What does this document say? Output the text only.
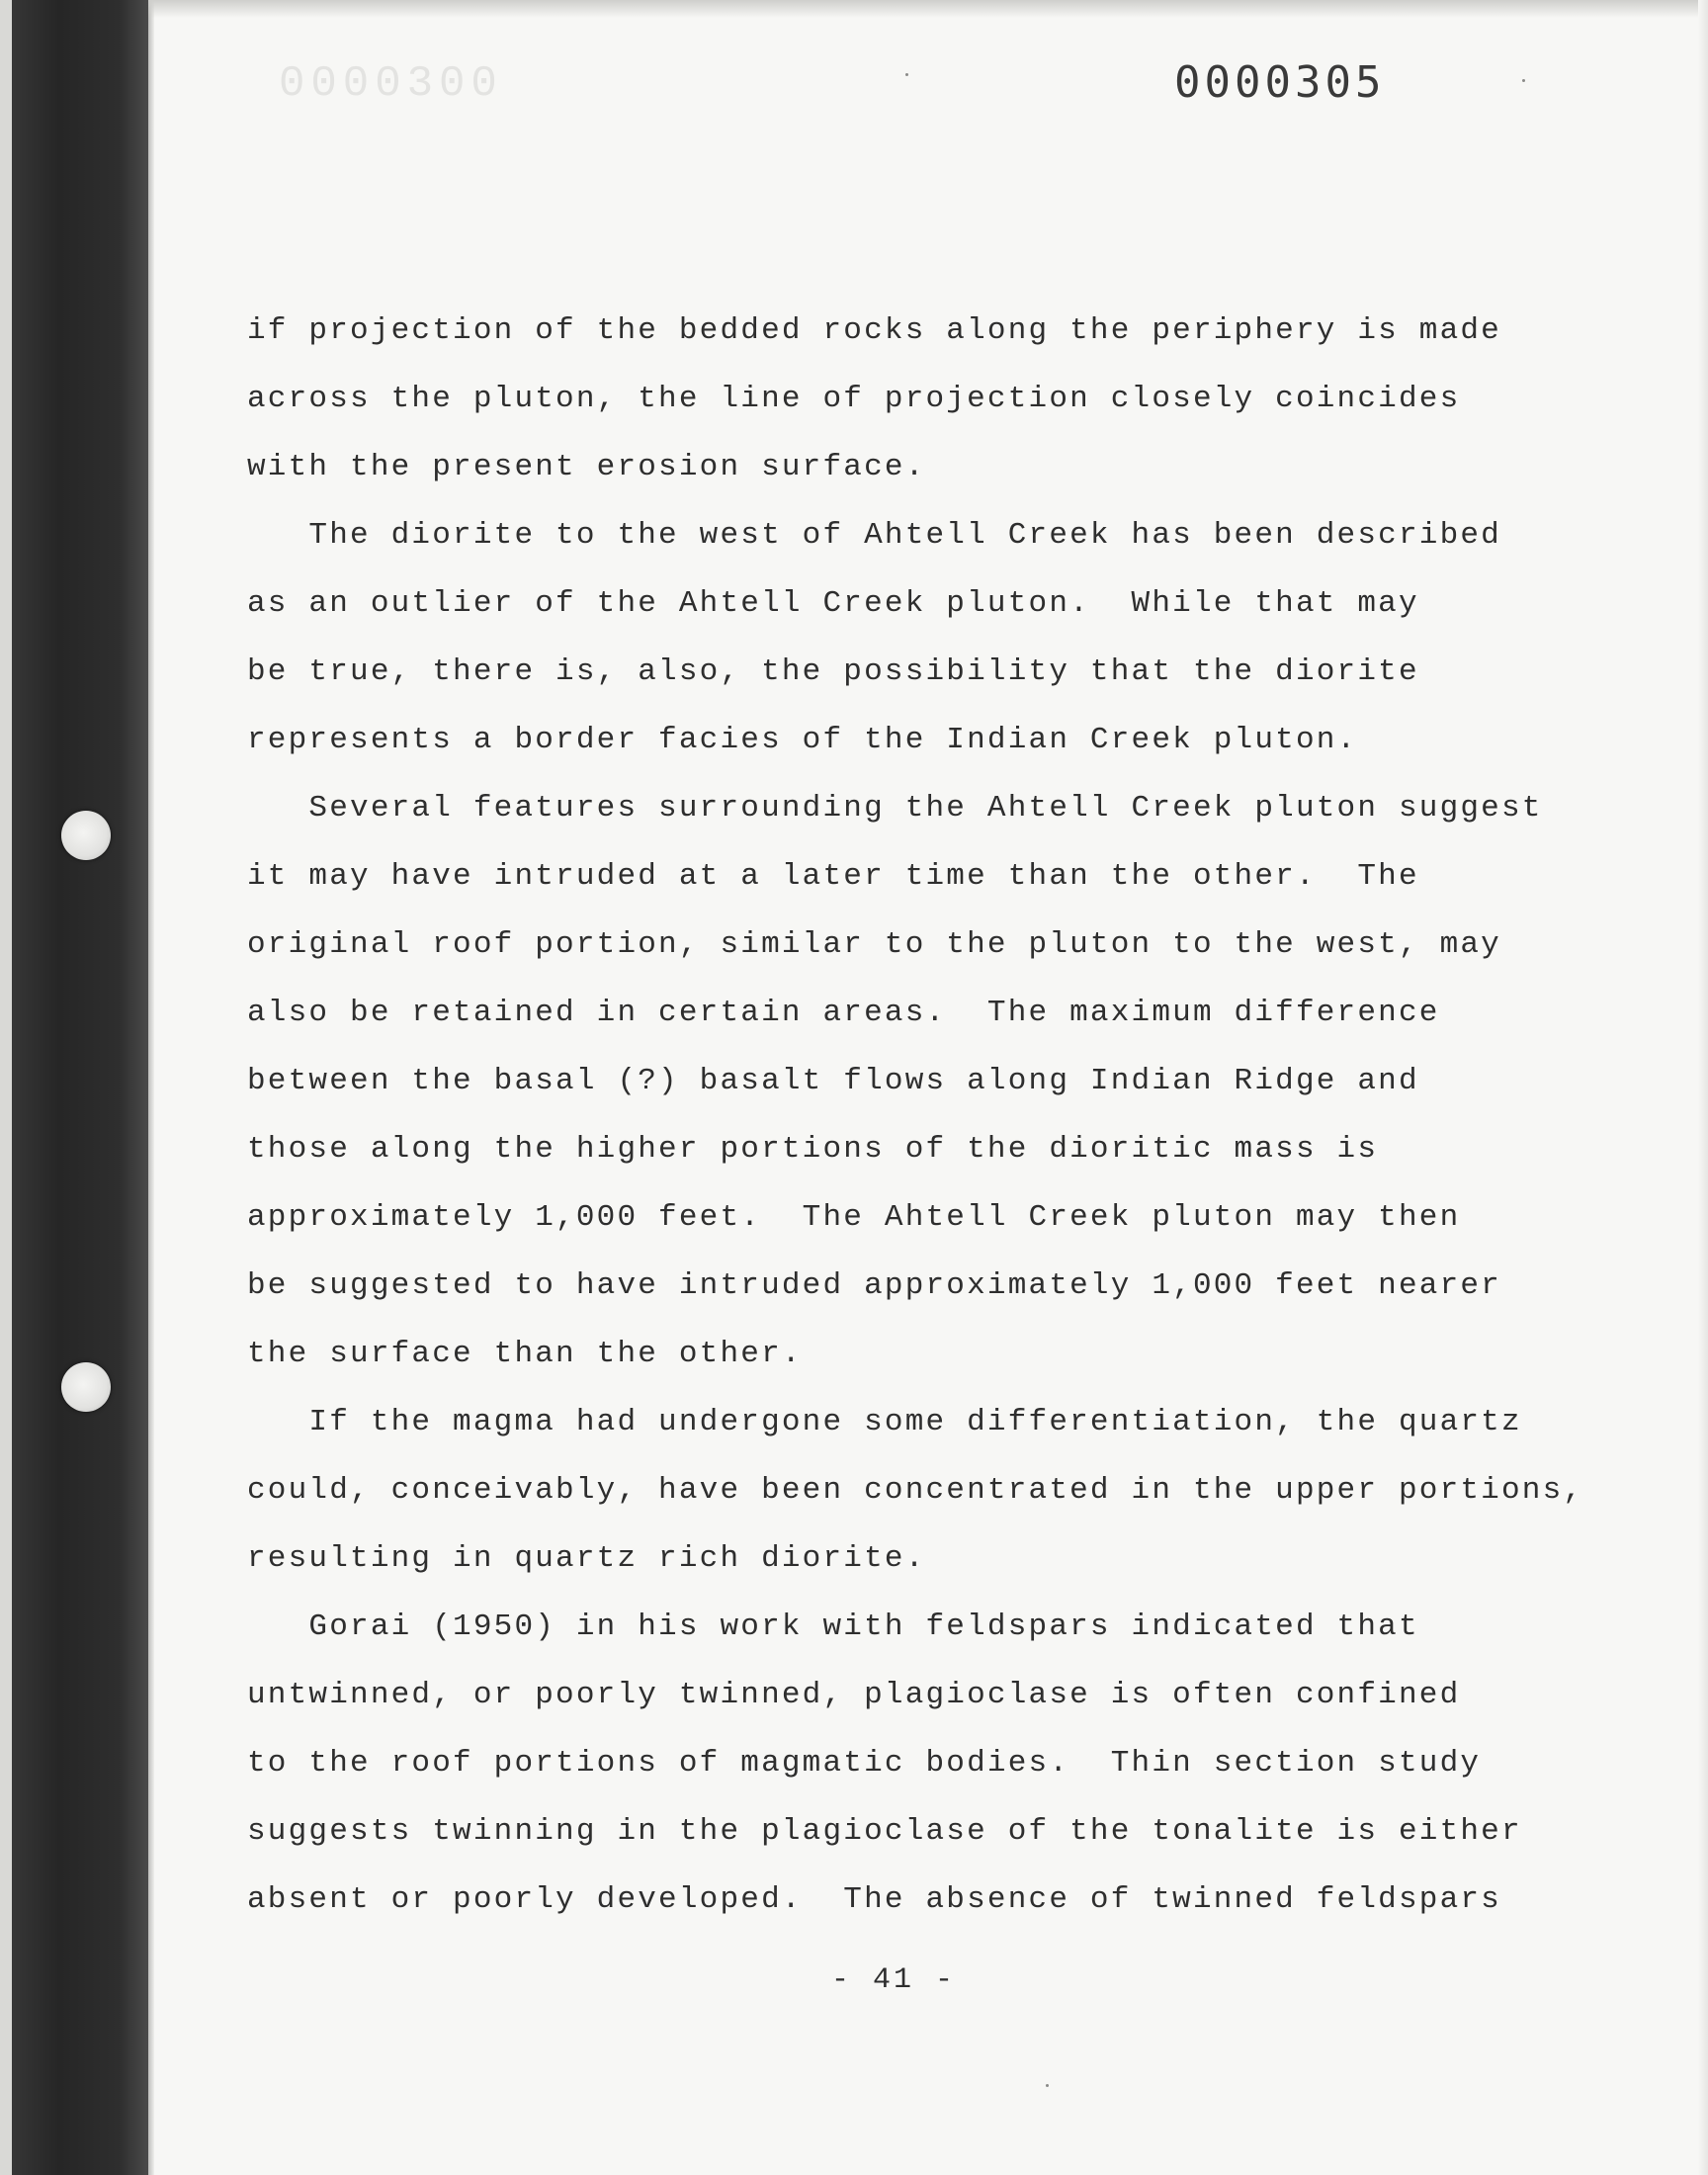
0000300	0000305
if projection of the bedded rocks along the periphery is made
across the pluton, the line of projection closely coincides
with the present erosion surface.
The diorite to the west of Ahtell Creek has been described
as an outlier of the Ahtell Creek pluton.  While that may
be true, there is, also, the possibility that the diorite
represents a border facies of the Indian Creek pluton.
Several features surrounding the Ahtell Creek pluton suggest
it may have intruded at a later time than the other.  The
original roof portion, similar to the pluton to the west, may
also be retained in certain areas.  The maximum difference
between the basal (?) basalt flows along Indian Ridge and
those along the higher portions of the dioritic mass is
approximately 1,000 feet.  The Ahtell Creek pluton may then
be suggested to have intruded approximately 1,000 feet nearer
the surface than the other.
If the magma had undergone some differentiation, the quartz
could, conceivably, have been concentrated in the upper portions,
resulting in quartz rich diorite.
Gorai (1950) in his work with feldspars indicated that
untwinned, or poorly twinned, plagioclase is often confined
to the roof portions of magmatic bodies.  Thin section study
suggests twinning in the plagioclase of the tonalite is either
absent or poorly developed.  The absence of twinned feldspars
- 41 -
